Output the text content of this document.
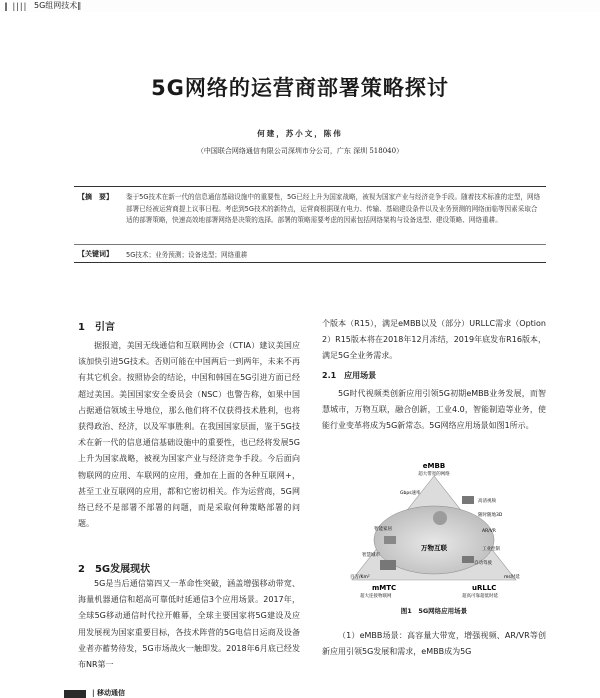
‖ |||| 5G组网技术‖
5G网络的运营商部署策略探讨
何建，苏小文，陈伟
（中国联合网络通信有限公司深圳市分公司，广东 深圳 518040）
【摘　要】 鉴于5G技术在新一代的信息通信基础设施中的重要性，5G已经上升为国家战略，被视为国家产业与经济竞争手段。随着技术标准的定型，网络部署已经被运营商提上议事日程。考虑到5G技术的新特点，运营商根据现有电力、传输、基础建设条件以及业务预测的网络面临等因素采取合适的部署策略，快速高效地部署网络是决策的选择。部署的策略需要考虑的因素包括网络架构与设备选型、建设策略、网络重耕。
【关键词】 5G技术；业务预测；设备选型；网络重耕
1　引言
据报道，美国无线通信和互联网协会（CTIA）建议美国应该加快引进5G技术。否则可能在中国两后一到两年，未来不再有其它机会。按照协会的结论，中国和韩国在5G引进方面已经超过美国。美国国家安全委员会（NSC）也警告称，如果中国占据通信领域主导地位，那么他们将不仅获得技术胜利，也将获得政治、经济，以及军事胜利。在我国国家层面，鉴于5G技术在新一代的信息通信基础设施中的重要性，也已经将发展5G上升为国家战略，被视为国家产业与经济竞争手段。今后面向物联网的应用、车联网的应用，叠加在上面的各种互联网+，甚至工业互联网的应用，都和它密切相关。作为运营商，5G网络已经不是部署不部署的问题，而是采取何种策略部署的问题。
2　5G发展现状
5G是当后通信第四又一革命性突破，涵盖增强移动带宽、海量机器通信和超高可靠低时延通信3个应用场景。2017年，全球5G移动通信时代拉开帷幕，全球主要国家将5G建设及应用发展视为国家重要目标，各技术阵营的5G电信日运商及设备业者亦蓄势待发，5G市场战火一触即发。2018年6月底已经发布NR第一
个版本（R15），满足eMBB以及（部分）URLLC需求（Option 2）R15版本将在2018年12月冻结，2019年底发布R16版本，满足5G全业务需求。
2.1　应用场景
5G时代视频类创新应用引领5G初期eMBB业务发展，而智慧城市，万物互联，融合创新，工业4.0，智能制造等业务，使能行业变革将成为5G新常态。5G网络应用场景如图1所示。
eMBB
超大带宽的网络
Gbps速率
高清视频
随时随地3D
AR/VR
工业控制
自动驾驶
智能家居
智慧城市
万物互联
百万/Km²	ms时延
mMTC
超大连接物联网
uRLLC
超高可靠超低时延
图1　5G网络应用场景
（1）eMBB场景：高容量大带宽，增强视频、AR/VR等创新应用引领5G发展和需求，eMBB成为5G
| 移动通信
